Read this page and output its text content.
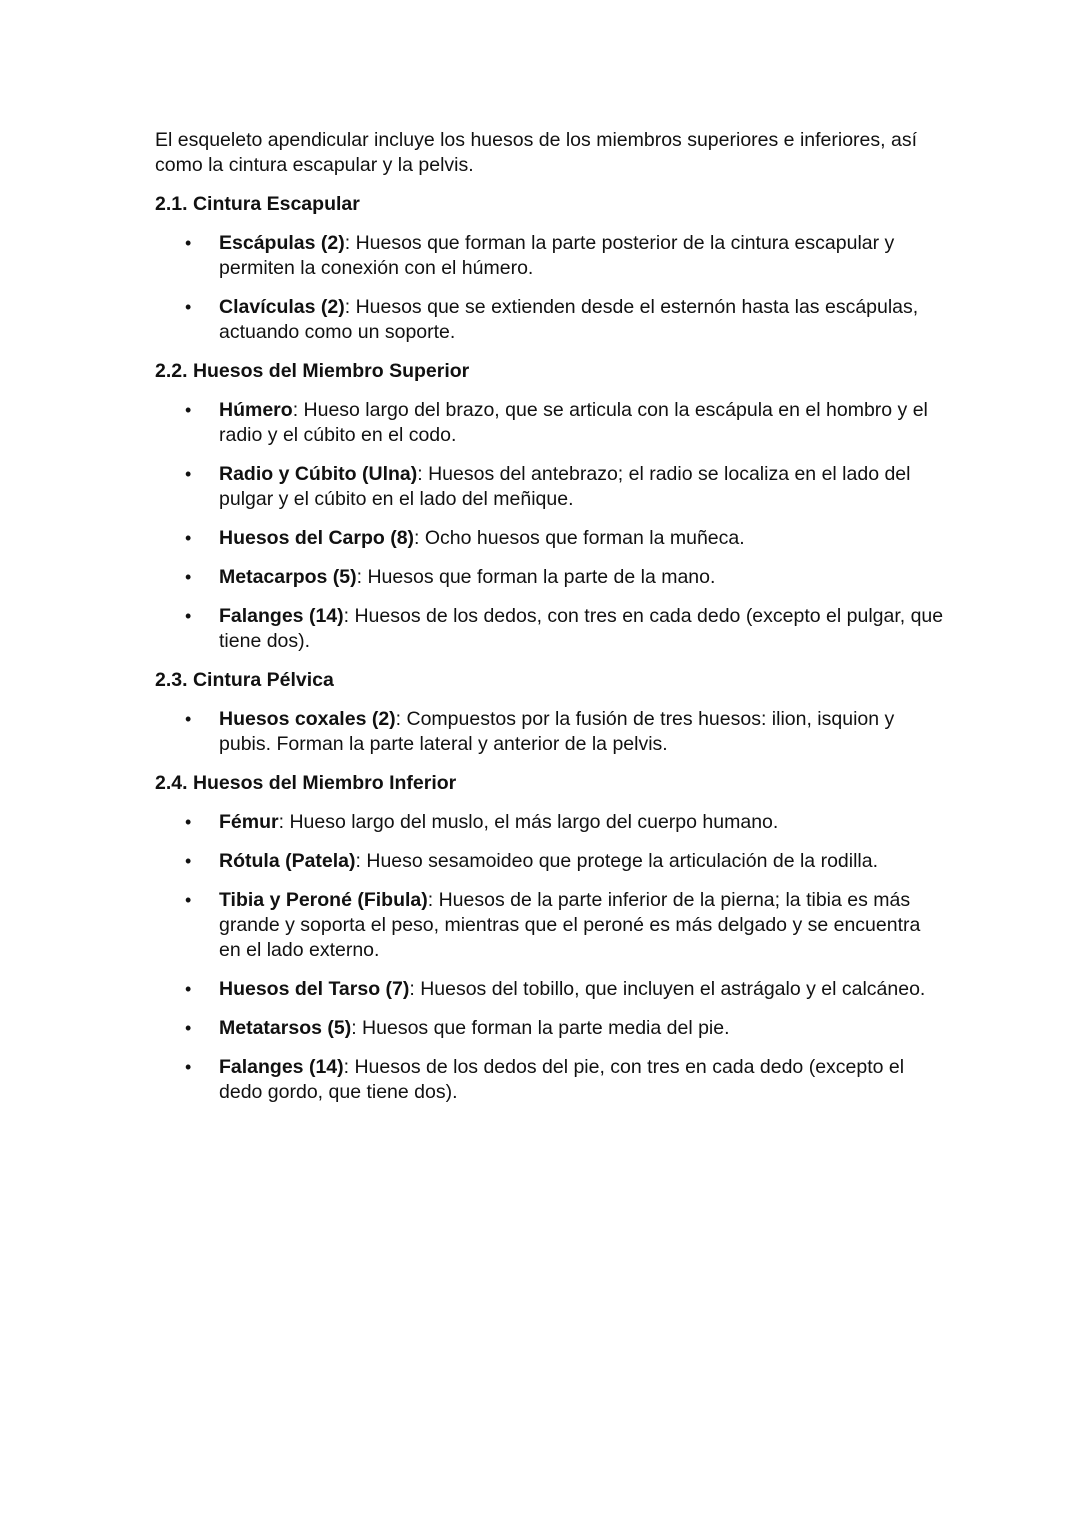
El esqueleto apendicular incluye los huesos de los miembros superiores e inferiores, así como la cintura escapular y la pelvis.

2.1. Cintura Escapular
• Escápulas (2): Huesos que forman la parte posterior de la cintura escapular y permiten la conexión con el húmero.
• Clavículas (2): Huesos que se extienden desde el esternón hasta las escápulas, actuando como un soporte.
2.2. Huesos del Miembro Superior
• Húmero: Hueso largo del brazo, que se articula con la escápula en el hombro y el radio y el cúbito en el codo.
• Radio y Cúbito (Ulna): Huesos del antebrazo; el radio se localiza en el lado del pulgar y el cúbito en el lado del meñique.
• Huesos del Carpo (8): Ocho huesos que forman la muñeca.
• Metacarpos (5): Huesos que forman la parte de la mano.
• Falanges (14): Huesos de los dedos, con tres en cada dedo (excepto el pulgar, que tiene dos).
2.3. Cintura Pélvica
• Huesos coxales (2): Compuestos por la fusión de tres huesos: ilion, isquion y pubis. Forman la parte lateral y anterior de la pelvis.
2.4. Huesos del Miembro Inferior
• Fémur: Hueso largo del muslo, el más largo del cuerpo humano.
• Rótula (Patela): Hueso sesamoideo que protege la articulación de la rodilla.
• Tibia y Peroné (Fibula): Huesos de la parte inferior de la pierna; la tibia es más grande y soporta el peso, mientras que el peroné es más delgado y se encuentra en el lado externo.
• Huesos del Tarso (7): Huesos del tobillo, que incluyen el astrágalo y el calcáneo.
• Metatarsos (5): Huesos que forman la parte media del pie.
• Falanges (14): Huesos de los dedos del pie, con tres en cada dedo (excepto el dedo gordo, que tiene dos).
